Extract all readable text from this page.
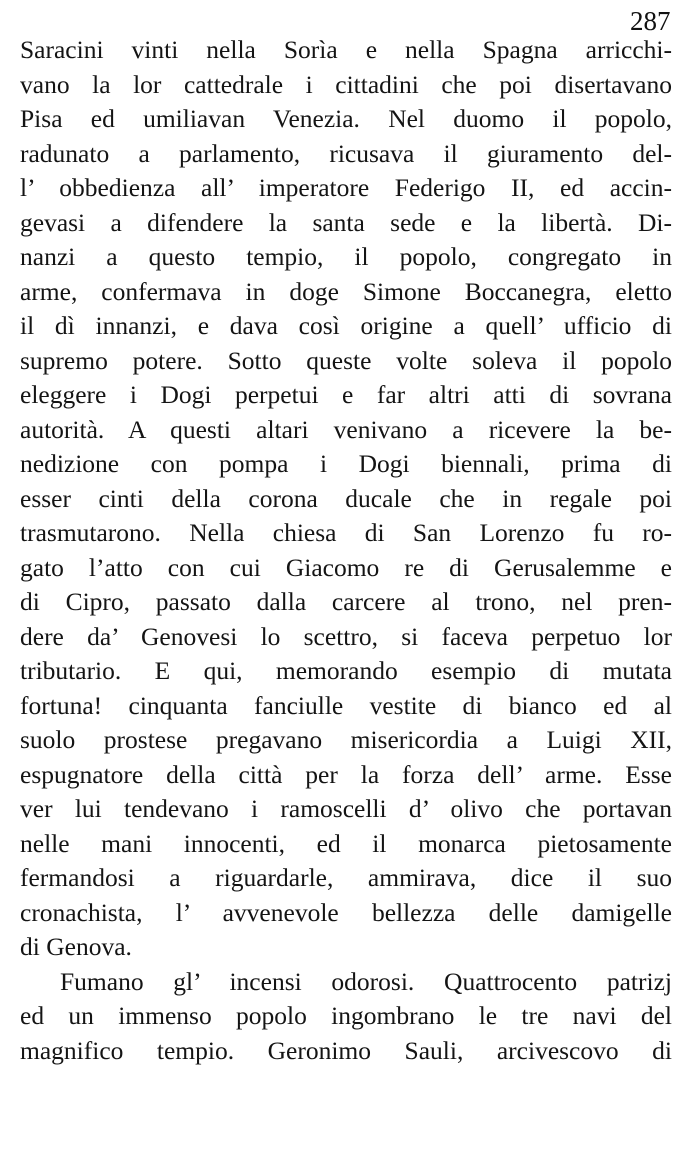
287
Saracini vinti nella Sorìa e nella Spagna arricchi-
vano la lor cattedrale i cittadini che poi disertavano
Pisa ed umiliavan Venezia. Nel duomo il popolo,
radunato a parlamento, ricusava il giuramento del-
l’ obbedienza all’ imperatore Federigo II, ed accin-
gevasi a difendere la santa sede e la libertà. Di-
nanzi a questo tempio, il popolo, congregato in
arme, confermava in doge Simone Boccanegra, eletto
il dì innanzi, e dava così origine a quell’ ufficio di
supremo potere. Sotto queste volte soleva il popolo
eleggere i Dogi perpetui e far altri atti di sovrana
autorità. A questi altari venivano a ricevere la be-
nedizione con pompa i Dogi biennali, prima di
esser cinti della corona ducale che in regale poi
trasmutarono. Nella chiesa di San Lorenzo fu ro-
gato l’atto con cui Giacomo re di Gerusalemme e
di Cipro, passato dalla carcere al trono, nel pren-
dere da’ Genovesi lo scettro, si faceva perpetuo lor
tributario. E qui, memorando esempio di mutata
fortuna! cinquanta fanciulle vestite di bianco ed al
suolo prostese pregavano misericordia a Luigi XII,
espugnatore della città per la forza dell’ arme. Esse
ver lui tendevano i ramoscelli d’ olivo che portavan
nelle mani innocenti, ed il monarca pietosamente
fermandosi a riguardarle, ammirava, dice il suo
cronachista, l’ avvenevole bellezza delle damigelle
di Genova.
Fumano gl’ incensi odorosi. Quattrocento patrizj
ed un immenso popolo ingombrano le tre navi del
magnifico tempio. Geronimo Sauli, arcivescovo di
